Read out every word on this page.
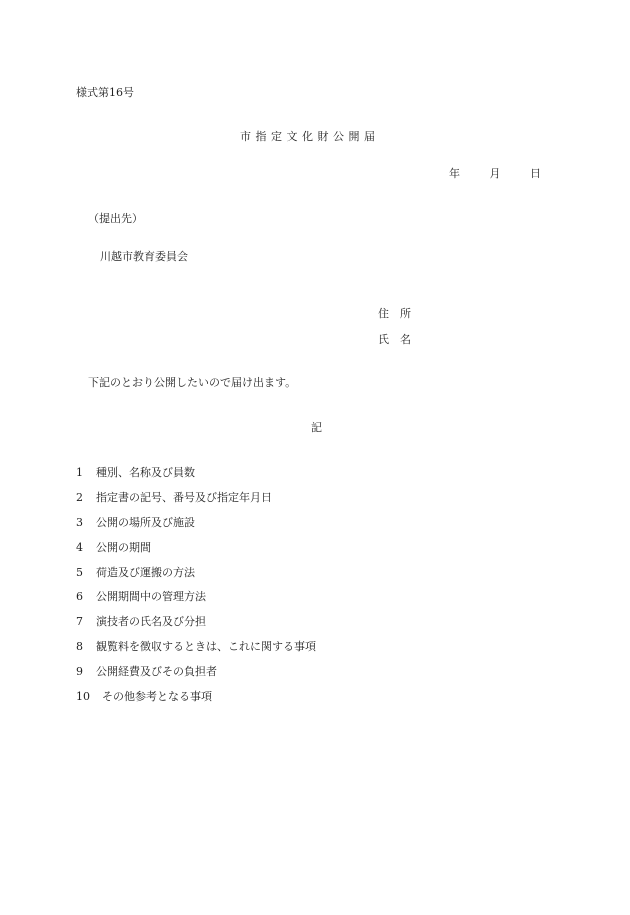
様式第16号
市指定文化財公開届
年	月	日
（提出先）
川越市教育委員会
住　所
氏　名
下記のとおり公開したいので届け出ます。
記
1 種別、名称及び員数
2 指定書の記号、番号及び指定年月日
3 公開の場所及び施設
4 公開の期間
5 荷造及び運搬の方法
6 公開期間中の管理方法
7 演技者の氏名及び分担
8 観覧料を徴収するときは、これに関する事項
9 公開経費及びその負担者
10 その他参考となる事項
